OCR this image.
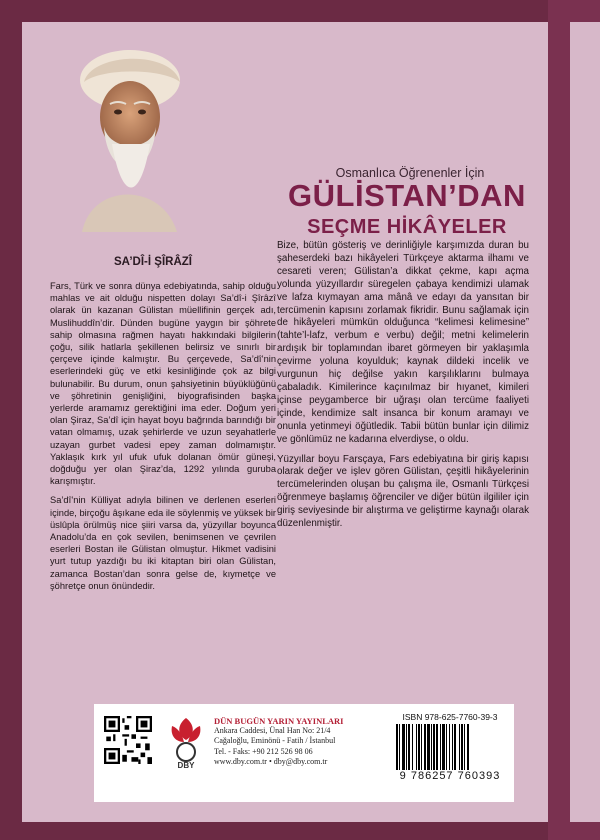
Osmanlıca Öğrenenler İçin
GÜLİSTAN’DAN
SEÇME HİKÂYELER
SA’DÎ-İ ŞÎRÂZÎ

Fars, Türk ve sonra dünya edebiyatında, sahip olduğu mahlas ve ait olduğu nispetten dolayı Sa’dî-i Şîrâzî olarak ün kazanan Gülistan müellifinin gerçek adı, Muslihuddîn’dir. Dünden bugüne yaygın bir şöhrete sahip olmasına rağmen hayatı hakkındaki bilgilerin çoğu, silik hatlarla şekillenen belirsiz ve sınırlı bir çerçeve içinde kalmıştır. Bu çerçevede, Sa’dî’nin eserlerindeki güç ve etki kesinliğinde çok az bilgi bulunabilir. Bu durum, onun şahsiyetinin büyüklüğünü ve şöhretinin genişliğini, biyografisinden başka yerlerde aramamız gerektiğini ima eder. Doğum yeri olan Şiraz, Sa’dî için hayat boyu bağrında barındığı bir vatan olmamış, uzak şehirlerde ve uzun seyahatlerle uzayan gurbet vadesi epey zaman dolmamıştır. Yaklaşık kırk yıl ufuk ufuk dolanan ömür güneşi, doğduğu yer olan Şiraz’da, 1292 yılında guruba karışmıştır.

Sa’dî’nin Külliyat adıyla bilinen ve derlenen eserleri içinde, birçoğu âşıkane eda ile söylenmiş ve yüksek bir üslûpla örülmüş nice şiiri varsa da, yüzyıllar boyunca Anadolu’da en çok sevilen, benimsenen ve çevrilen eserleri Bostan ile Gülistan olmuştur. Hikmet vadisini yurt tutup yazdığı bu iki kitaptan biri olan Gülistan, zamanca Bostan’dan sonra gelse de, kıymetçe ve şöhretçe onun önündedir.

Bize, bütün gösteriş ve derinliğiyle karşımızda duran bu şaheserdeki bazı hikâyeleri Türkçeye aktarma ilhamı ve cesareti veren; Gülistan’a dikkat çekme, kapı açma yolunda yüzyıllardır süregelen çabaya kendimizi ulamak ve lafza kıymayan ama mânâ ve edayı da yansıtan bir tercümenin kapısını zorlamak fikridir. Bunu sağlamak için de hikâyeleri mümkün olduğunca “kelimesi kelimesine” (tahte’l-lafz, verbum e verbu) değil; metni kelimelerin ardışık bir toplamından ibaret görmeyen bir yaklaşımla çevirme yoluna koyulduk; kaynak dildeki incelik ve vurgunun hiç değilse yakın karşılıklarını bulmaya çabaladık. Kimilerince kaçınılmaz bir hıyanet, kimileri içinse peygamberce bir uğraşı olan tercüme faaliyeti içinde, kendimize salt insanca bir konum aramayı ve onunla yetinmeyi öğütledik. Tabii bütün bunlar için dilimiz ve gönlümüz ne kadarına elverdiyse, o oldu.

Yüzyıllar boyu Farsçaya, Fars edebiyatına bir giriş kapısı olarak değer ve işlev gören Gülistan, çeşitli hikâyelerinin tercümelerinden oluşan bu çalışma ile, Osmanlı Türkçesi öğrenmeye başlamış öğrenciler ve diğer bütün ilgililer için giriş seviyesinde bir alıştırma ve geliştirme kaynağı olarak düzenlenmiştir.

DBY
DÜN BUGÜN YARIN YAYINLARI
Ankara Caddesi, Ünal Han No: 21/4
Cağaloğlu, Eminönü - Fatih / İstanbul
Tel. - Faks: +90 212 526 98 06
www.dby.com.tr • dby@dby.com.tr
ISBN 978-625-7760-39-3
9 786257 760393
